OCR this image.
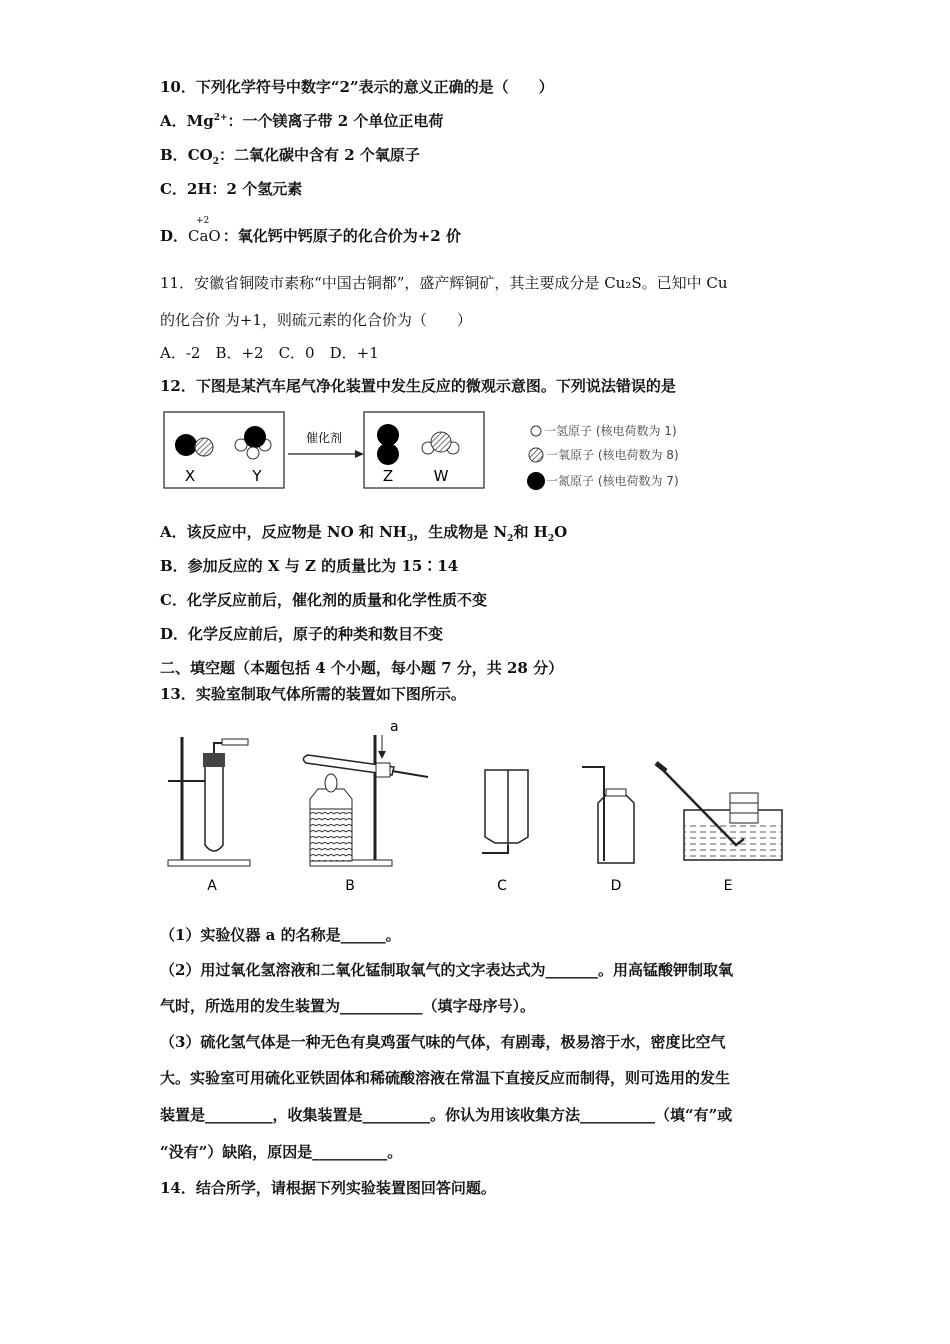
10．下列化学符号中数字“2”表示的意义正确的是（　　）
A．$Mg^{2+}$：一个镁离子带 2 个单位正电荷
B．$CO_2$：二氧化碳中含有 2 个氧原子
C．2H：2 个氢元素
D．
+2
CaO ：氧化钙中钙原子的化合价为+2 价
11．安徽省铜陵市素称“中国古铜都”，盛产辉铜矿，其主要成分是 Cu₂S。已知中 Cu
的化合价 为+1，则硫元素的化合价为（　　）
A．-2　B．+2　C．0　D．+1
12．下图是某汽车尾气净化装置中发生反应的微观示意图。下列说法错误的是
X	Y
催化剂
Z	W
一氢原子 (核电荷数为 1)
一氧原子 (核电荷数为 8)
一氮原子 (核电荷数为 7)
A．该反应中，反应物是 NO 和 $NH_3$，生成物是 $N_2$和 $H_2O$
B．参加反应的 X 与 Z 的质量比为 15∶14
C．化学反应前后，催化剂的质量和化学性质不变
D．化学反应前后，原子的种类和数目不变
二、填空题（本题包括 4 个小题，每小题 7 分，共 28 分）
13．实验室制取气体所需的装置如下图所示。
a
A	B	C	D	E
（1）实验仪器 a 的名称是______。
（2）用过氧化氢溶液和二氧化锰制取氧气的文字表达式为_______。用高锰酸钾制取氧
气时，所选用的发生装置为___________（填字母序号）。
（3）硫化氢气体是一种无色有臭鸡蛋气味的气体，有剧毒，极易溶于水，密度比空气
大。实验室可用硫化亚铁固体和稀硫酸溶液在常温下直接反应而制得，则可选用的发生
装置是_________，收集装置是_________。你认为用该收集方法__________（填“有”或
“没有”）缺陷，原因是__________。
14．结合所学，请根据下列实验装置图回答问题。
